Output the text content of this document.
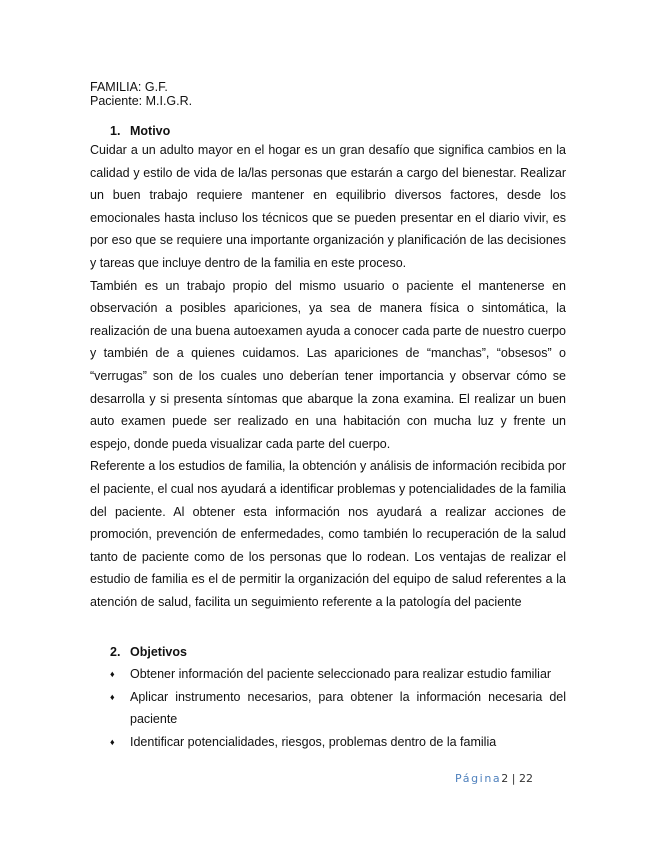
FAMILIA: G.F.
Paciente: M.I.G.R.
1. Motivo

Cuidar a un adulto mayor en el hogar es un gran desafío que significa cambios en la calidad y estilo de vida de la/las personas que estarán a cargo del bienestar. Realizar un buen trabajo requiere mantener en equilibrio diversos factores, desde los emocionales hasta incluso los técnicos que se pueden presentar en el diario vivir, es por eso que se requiere una importante organización y planificación de las decisiones y tareas que incluye dentro de la familia en este proceso.

También es un trabajo propio del mismo usuario o paciente el mantenerse en observación a posibles apariciones, ya sea de manera física o sintomática, la realización de una buena autoexamen ayuda a conocer cada parte de nuestro cuerpo y también de a quienes cuidamos. Las apariciones de “manchas”, “obsesos” o “verrugas” son de los cuales uno deberían tener importancia y observar cómo se desarrolla y si presenta síntomas que abarque la zona examina. El realizar un buen auto examen puede ser realizado en una habitación con mucha luz y frente un espejo, donde pueda visualizar cada parte del cuerpo.

Referente a los estudios de familia, la obtención y análisis de información recibida por el paciente, el cual nos ayudará a identificar problemas y potencialidades de la familia del paciente. Al obtener esta información nos ayudará a realizar acciones de promoción, prevención de enfermedades, como también lo recuperación de la salud tanto de paciente como de los personas que lo rodean. Los ventajas de realizar el estudio de familia es el de permitir la organización del equipo de salud referentes a la atención de salud, facilita un seguimiento referente a la patología del paciente

2. Objetivos
♦ Obtener información del paciente seleccionado para realizar estudio familiar
♦ Aplicar instrumento necesarios, para obtener la información necesaria del paciente
♦ Identificar potencialidades, riesgos, problemas dentro de la familia
Página2 | 22
